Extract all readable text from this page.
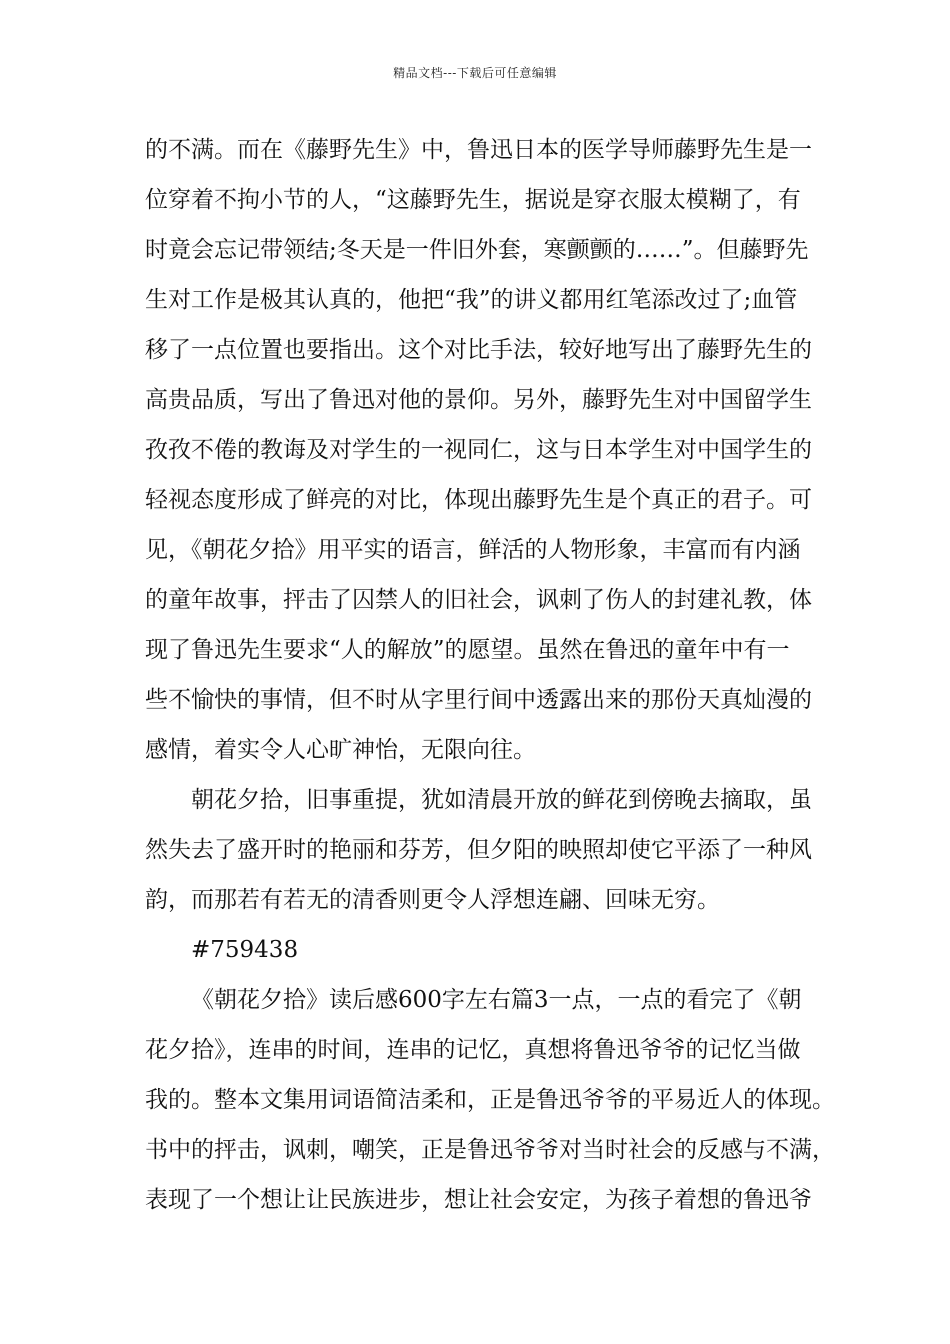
精品文档---下载后可任意编辑
的不满。而在《藤野先生》中，鲁迅日本的医学导师藤野先生是一
位穿着不拘小节的人，“这藤野先生，据说是穿衣服太模糊了，有
时竟会忘记带领结;冬天是一件旧外套，寒颤颤的……”。但藤野先
生对工作是极其认真的，他把“我”的讲义都用红笔添改过了;血管
移了一点位置也要指出。这个对比手法，较好地写出了藤野先生的
高贵品质，写出了鲁迅对他的景仰。另外，藤野先生对中国留学生
孜孜不倦的教诲及对学生的一视同仁，这与日本学生对中国学生的
轻视态度形成了鲜亮的对比，体现出藤野先生是个真正的君子。可
见，《朝花夕拾》用平实的语言，鲜活的人物形象，丰富而有内涵
的童年故事，抨击了囚禁人的旧社会，讽刺了伤人的封建礼教，体
现了鲁迅先生要求“人的解放”的愿望。虽然在鲁迅的童年中有一
些不愉快的事情，但不时从字里行间中透露出来的那份天真灿漫的
感情，着实令人心旷神怡，无限向往。
朝花夕拾，旧事重提，犹如清晨开放的鲜花到傍晚去摘取，虽
然失去了盛开时的艳丽和芬芳，但夕阳的映照却使它平添了一种风
韵，而那若有若无的清香则更令人浮想连翩、回味无穷。
#759438
《朝花夕拾》读后感600字左右篇3一点，一点的看完了《朝
花夕拾》，连串的时间，连串的记忆，真想将鲁迅爷爷的记忆当做
我的。整本文集用词语简洁柔和，正是鲁迅爷爷的平易近人的体现。
书中的抨击，讽刺，嘲笑，正是鲁迅爷爷对当时社会的反感与不满，
表现了一个想让让民族进步，想让社会安定，为孩子着想的鲁迅爷
